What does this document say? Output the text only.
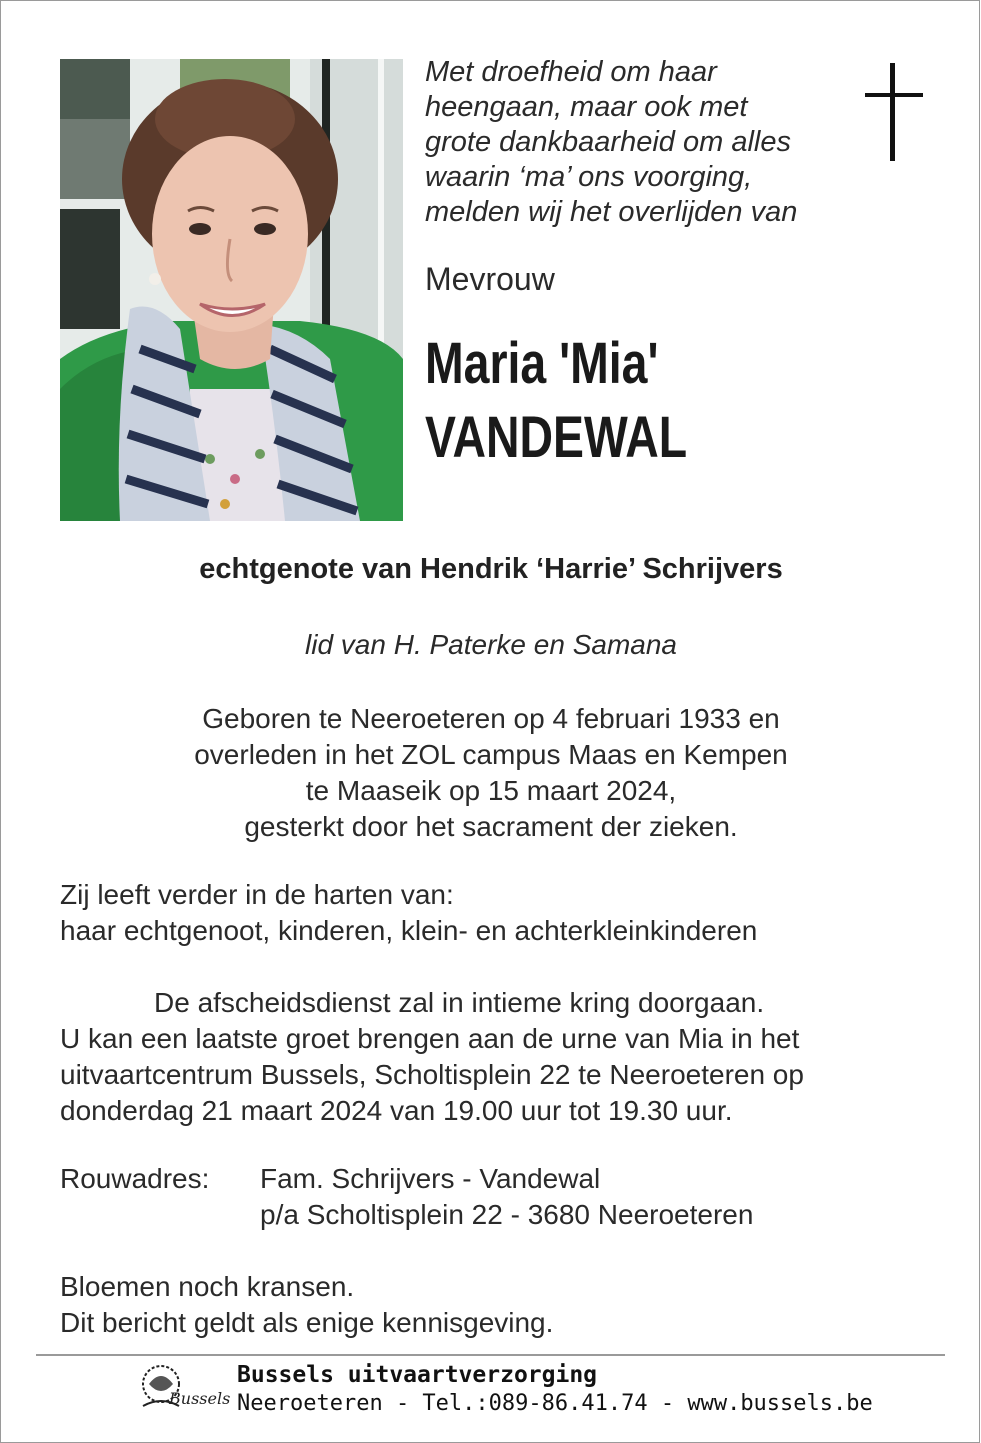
Met droefheid om haar
heengaan, maar ook met
grote dankbaarheid om alles
waarin ‘ma’ ons voorging,
melden wij het overlijden van
Mevrouw
Maria 'Mia'
VANDEWAL
echtgenote van Hendrik ‘Harrie’ Schrijvers
lid van H. Paterke en Samana
Geboren te Neeroeteren op 4 februari 1933 en
overleden in het ZOL campus Maas en Kempen
te Maaseik op 15 maart 2024,
gesterkt door het sacrament der zieken.
Zij leeft verder in de harten van:
haar echtgenoot, kinderen, klein- en achterkleinkinderen
De afscheidsdienst zal in intieme kring doorgaan.
U kan een laatste groet brengen aan de urne van Mia in het
uitvaartcentrum Bussels, Scholtisplein 22 te Neeroeteren op
donderdag 21 maart 2024 van 19.00 uur tot 19.30 uur.
Rouwadres:	Fam. Schrijvers - Vandewal
p/a Scholtisplein 22 - 3680 Neeroeteren
Bloemen noch kransen.
Dit bericht geldt als enige kennisgeving.
Bussels
Bussels uitvaartverzorging
Neeroeteren - Tel.:089-86.41.74 - www.bussels.be
